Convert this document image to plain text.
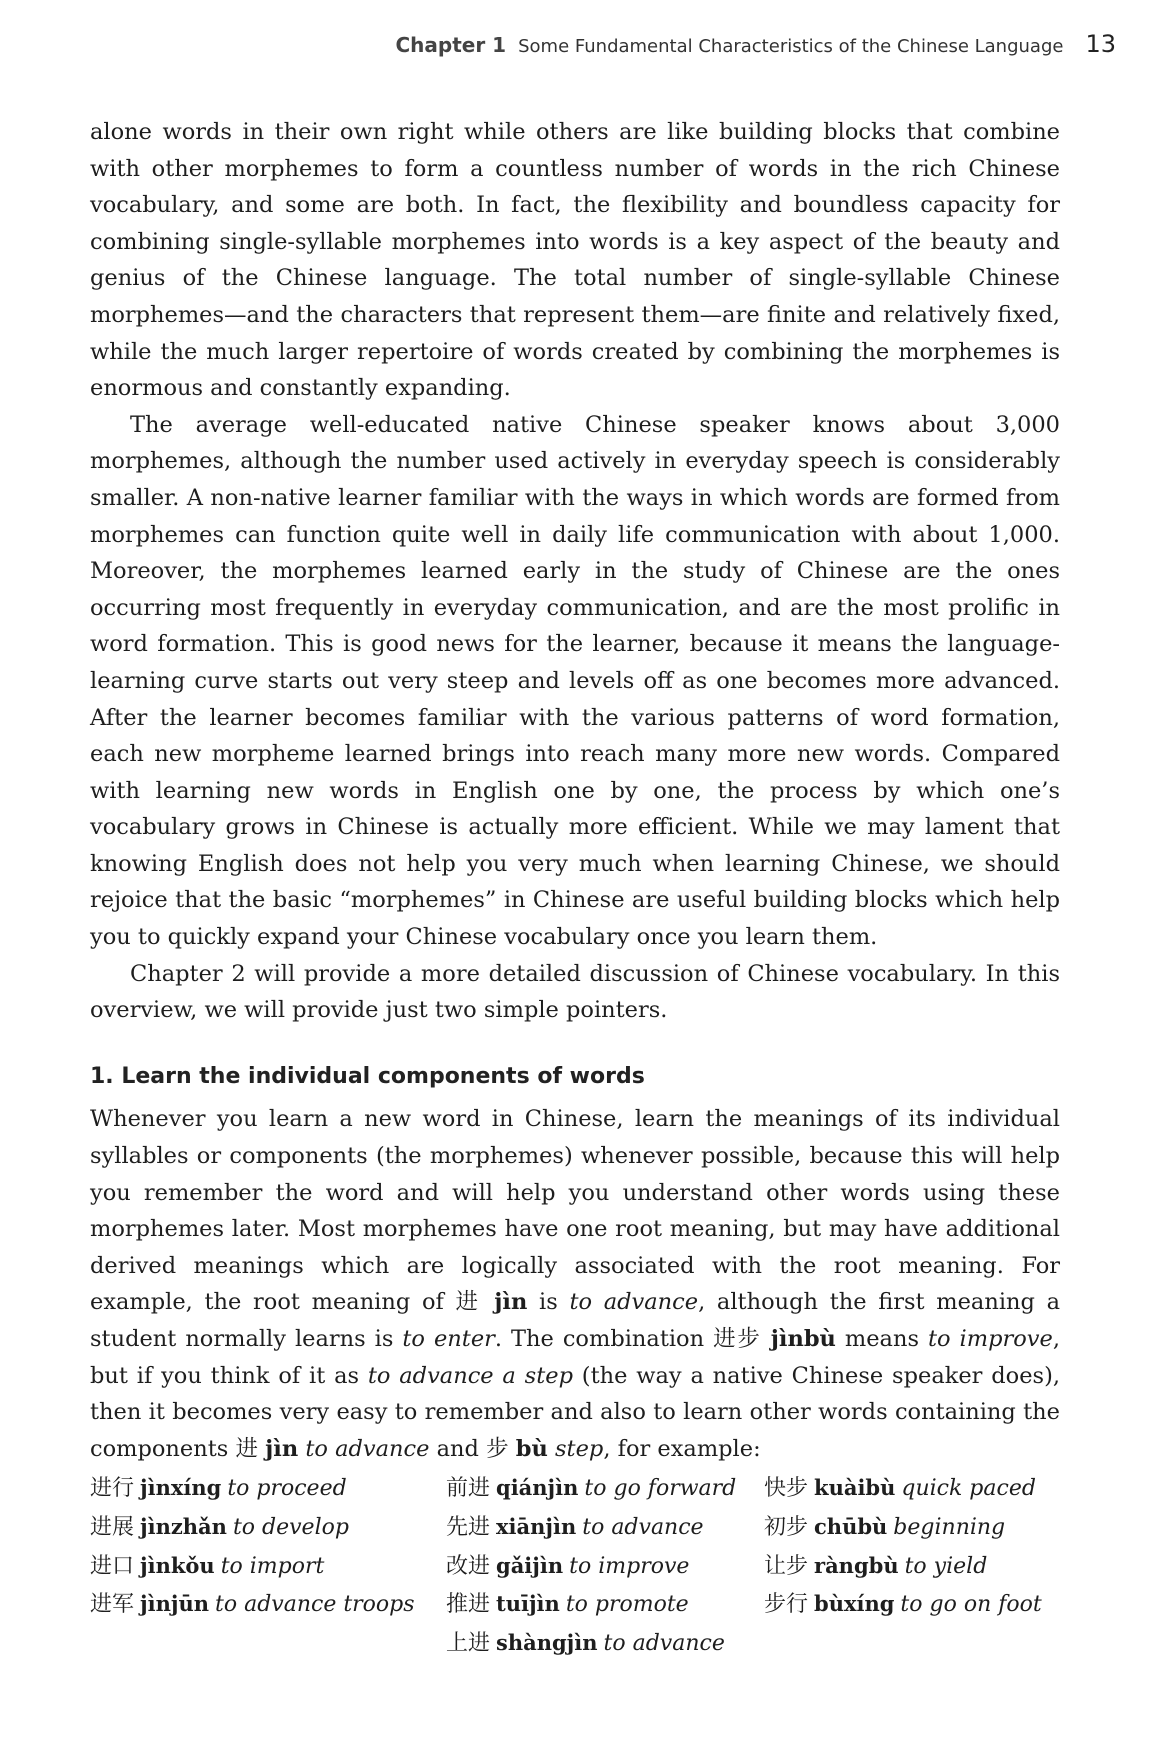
Chapter 1 Some Fundamental Characteristics of the Chinese Language 13

alone words in their own right while others are like building blocks that combine with other morphemes to form a countless number of words in the rich Chinese vocabulary, and some are both. In fact, the flexibility and boundless capacity for combining single-syllable morphemes into words is a key aspect of the beauty and genius of the Chinese language. The total number of single-syllable Chinese morphemes—and the characters that represent them—are finite and relatively fixed, while the much larger repertoire of words created by combining the morphemes is enormous and constantly expanding.

The average well-educated native Chinese speaker knows about 3,000 morphemes, although the number used actively in everyday speech is considerably smaller. A non-native learner familiar with the ways in which words are formed from morphemes can function quite well in daily life communication with about 1,000. Moreover, the morphemes learned early in the study of Chinese are the ones occurring most frequently in everyday communication, and are the most prolific in word formation. This is good news for the learner, because it means the language-learning curve starts out very steep and levels off as one becomes more advanced. After the learner becomes familiar with the various patterns of word formation, each new morpheme learned brings into reach many more new words. Compared with learning new words in English one by one, the process by which one’s vocabulary grows in Chinese is actually more efficient. While we may lament that knowing English does not help you very much when learning Chinese, we should rejoice that the basic “morphemes” in Chinese are useful building blocks which help you to quickly expand your Chinese vocabulary once you learn them.

Chapter 2 will provide a more detailed discussion of Chinese vocabulary. In this overview, we will provide just two simple pointers.

1. Learn the individual components of words

Whenever you learn a new word in Chinese, learn the meanings of its individual syllables or components (the morphemes) whenever possible, because this will help you remember the word and will help you understand other words using these morphemes later. Most morphemes have one root meaning, but may have additional derived meanings which are logically associated with the root meaning. For example, the root meaning of 进 jìn is to advance, although the first meaning a student normally learns is to enter. The combination 进步 jìnbù means to improve, but if you think of it as to advance a step (the way a native Chinese speaker does), then it becomes very easy to remember and also to learn other words containing the components 进 jìn to advance and 步 bù step, for example:

进行 jìnxíng to proceed
进展 jìnzhǎn to develop
进口 jìnkǒu to import
进军 jìnjūn to advance troops
前进 qiánjìn to go forward
先进 xiānjìn to advance
改进 gǎijìn to improve
推进 tuījìn to promote
上进 shàngjìn to advance
快步 kuàibù quick paced
初步 chūbù beginning
让步 ràngbù to yield
步行 bùxíng to go on foot
